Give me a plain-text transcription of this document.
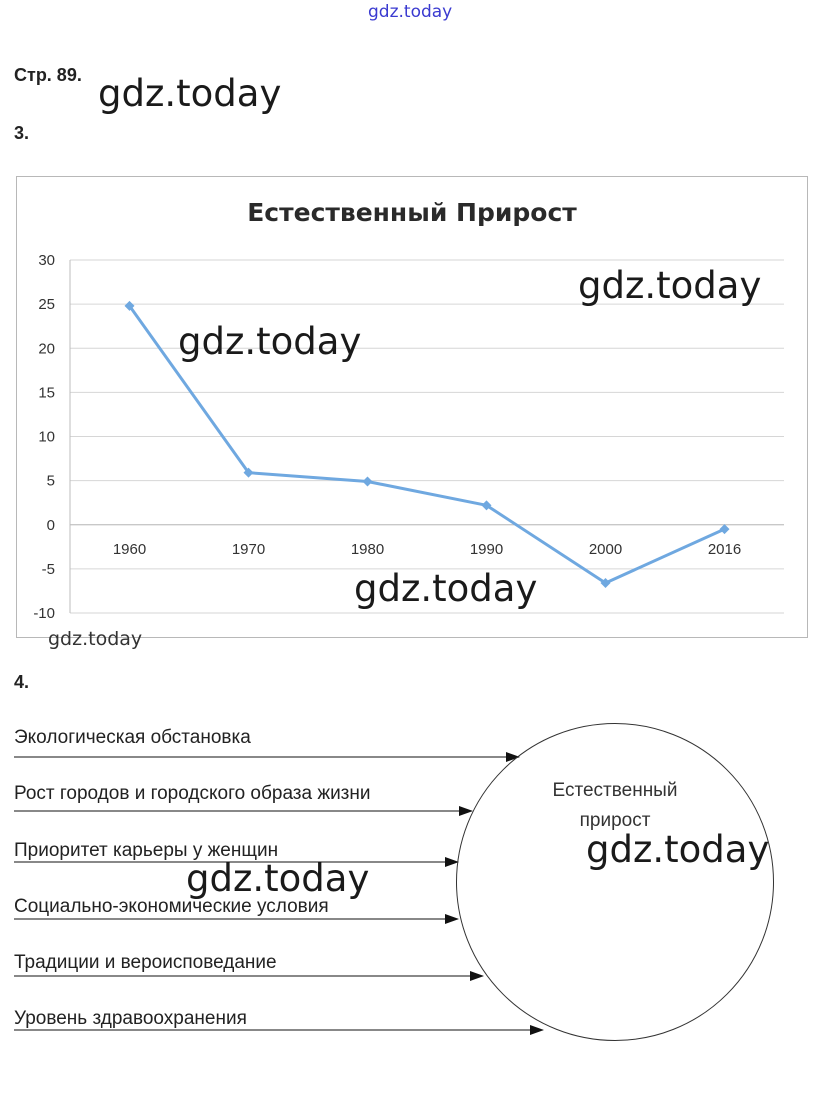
gdz.today
Стр. 89. gdz.today
3.
Естественный Прирост
30
25
20
15
10
5
0
-5
-10
1960	1970	1980	1990	2000	2016
gdz.today
gdz.today
gdz.today
gdz.today
4.
Экологическая обстановка
Рост городов и городского образа жизни
Приоритет карьеры у женщин
Социально-экономические условия
Традиции и вероисповедание
Уровень здравоохранения
Естественный
прирост
gdz.today
gdz.today
